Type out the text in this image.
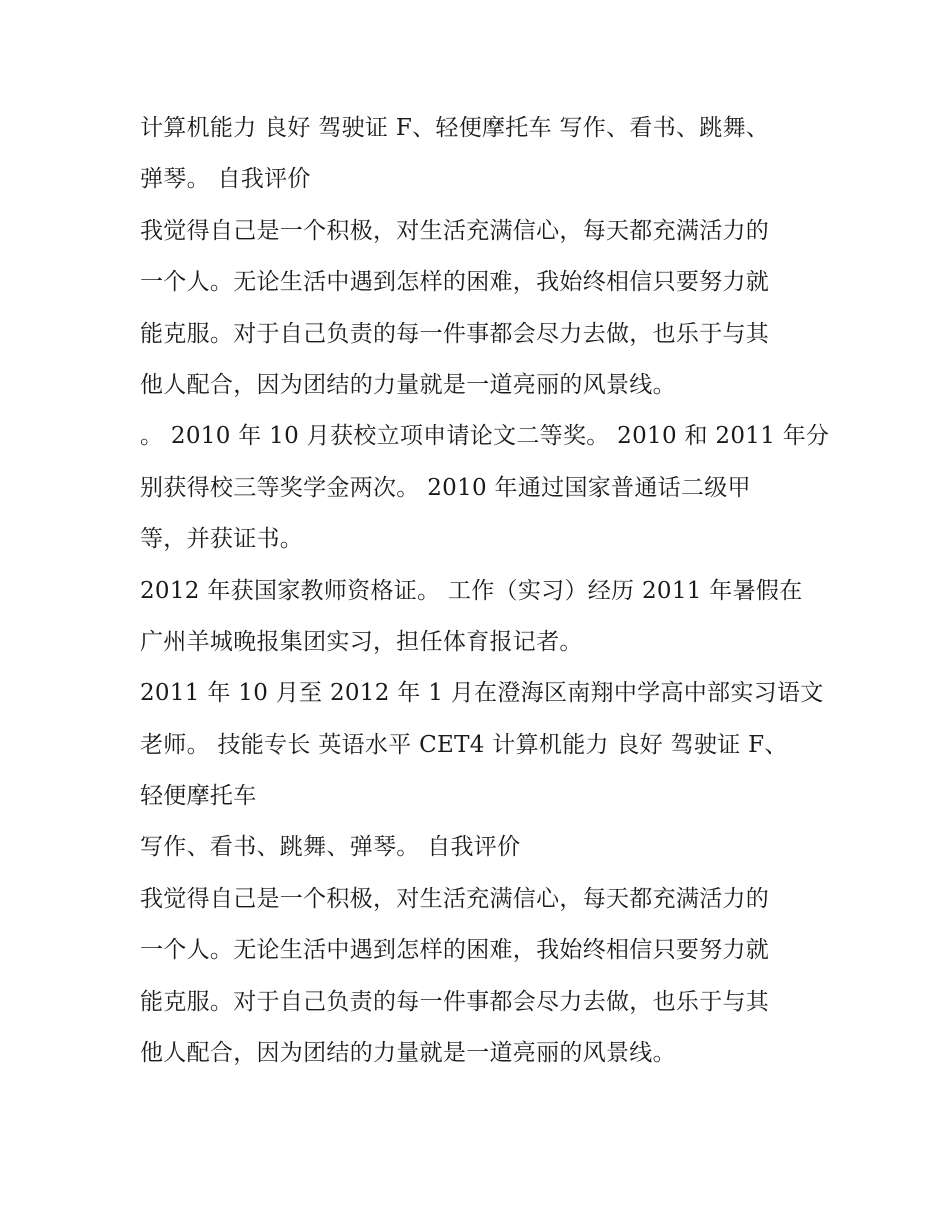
计算机能力 良好 驾驶证 F、轻便摩托车 写作、看书、跳舞、
弹琴。 自我评价
我觉得自己是一个积极，对生活充满信心，每天都充满活力的
一个人。无论生活中遇到怎样的困难，我始终相信只要努力就
能克服。对于自己负责的每一件事都会尽力去做，也乐于与其
他人配合，因为团结的力量就是一道亮丽的风景线。
。 2010 年 10 月获校立项申请论文二等奖。 2010 和 2011 年分
别获得校三等奖学金两次。 2010 年通过国家普通话二级甲
等，并获证书。
2012 年获国家教师资格证。 工作（实习）经历 2011 年暑假在
广州羊城晚报集团实习，担任体育报记者。
2011 年 10 月至 2012 年 1 月在澄海区南翔中学高中部实习语文
老师。 技能专长 英语水平 CET4 计算机能力 良好 驾驶证 F、
轻便摩托车
写作、看书、跳舞、弹琴。 自我评价
我觉得自己是一个积极，对生活充满信心，每天都充满活力的
一个人。无论生活中遇到怎样的困难，我始终相信只要努力就
能克服。对于自己负责的每一件事都会尽力去做，也乐于与其
他人配合，因为团结的力量就是一道亮丽的风景线。
